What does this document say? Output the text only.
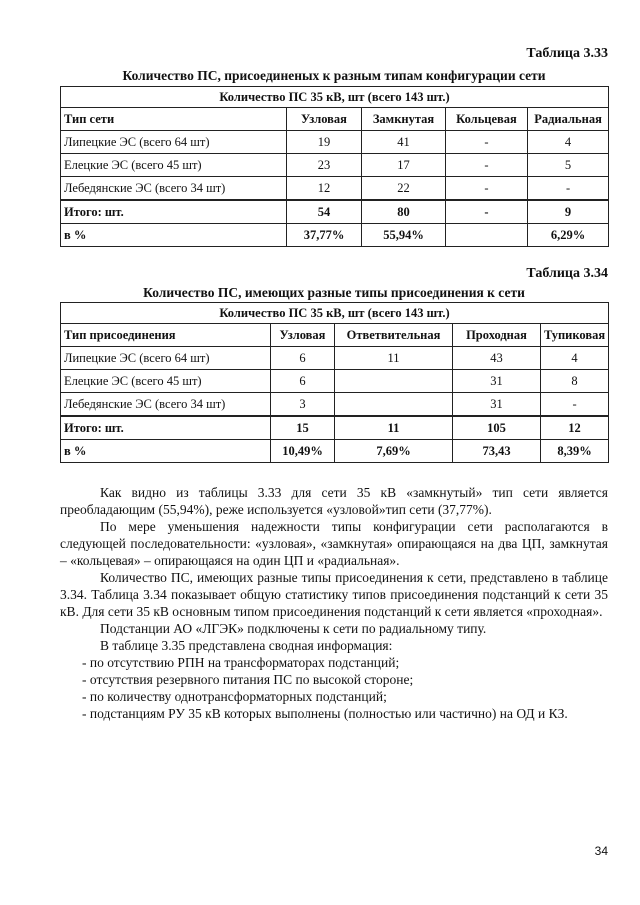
Таблица 3.33
Количество ПС, присоединеных к разным типам конфигурации сети
Количество ПС 35 кВ, шт (всего 143 шт.)				
Тип сети	Узловая	Замкнутая	Кольцевая	Радиальная
Липецкие ЭС (всего 64 шт)	19	41	-	4
Елецкие ЭС (всего 45 шт)	23	17	-	5
Лебедянские ЭС (всего 34 шт)	12	22	-	-
Итого: шт.	54	80	-	9
в %	37,77%	55,94%		6,29%
Таблица 3.34
Количество ПС, имеющих разные типы присоединения к сети
Количество ПС 35 кВ, шт (всего 143 шт.)				
Тип присоединения	Узловая	Ответвительная	Проходная	Тупиковая
Липецкие ЭС (всего 64 шт)	6	11	43	4
Елецкие ЭС (всего 45 шт)	6		31	8
Лебедянские ЭС (всего 34 шт)	3		31	-
Итого: шт.	15	11	105	12
в %	10,49%	7,69%	73,43	8,39%

Как видно из таблицы 3.33 для сети 35 кВ «замкнутый» тип сети является преобладающим (55,94%), реже используется «узловой»тип сети (37,77%).

По мере уменьшения надежности типы конфигурации сети располагаются в следующей последовательности: «узловая», «замкнутая» опирающаяся на два ЦП, замкнутая – «кольцевая» – опирающаяся на один ЦП и «радиальная».

Количество ПС, имеющих разные типы присоединения к сети, представлено в таблице 3.34. Таблица 3.34 показывает общую статистику типов присоединения подстанций к сети 35 кВ. Для сети 35 кВ основным типом присоединения подстанций к сети является «проходная».

Подстанции АО «ЛГЭК» подключены к сети по радиальному типу.

В таблице 3.35 представлена сводная информация:

- по отсутствию РПН на трансформаторах подстанций;
- отсутствия резервного питания ПС по высокой стороне;
- по количеству однотрансформаторных подстанций;
- подстанциям РУ 35 кВ которых выполнены (полностью или частично) на ОД и КЗ.
34
